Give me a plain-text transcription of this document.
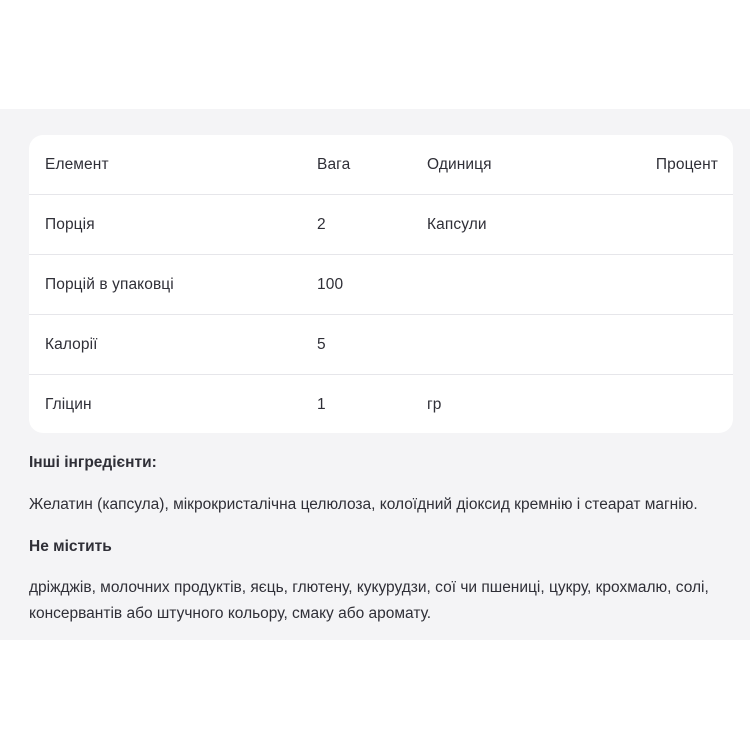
Елемент	Вага	Одиниця	Процент
Порція	2	Капсули	
Порцій в упаковці	100		
Калорії	5		
Гліцин	1	гр	

Інші інгредієнти:

Желатин (капсула), мікрокристалічна целюлоза, колоїдний діоксид кремнію і стеарат магнію.

Не містить

дріжджів, молочних продуктів, яєць, глютену, кукурудзи, сої чи пшениці, цукру, крохмалю, солі, консервантів або штучного кольору, смаку або аромату.
